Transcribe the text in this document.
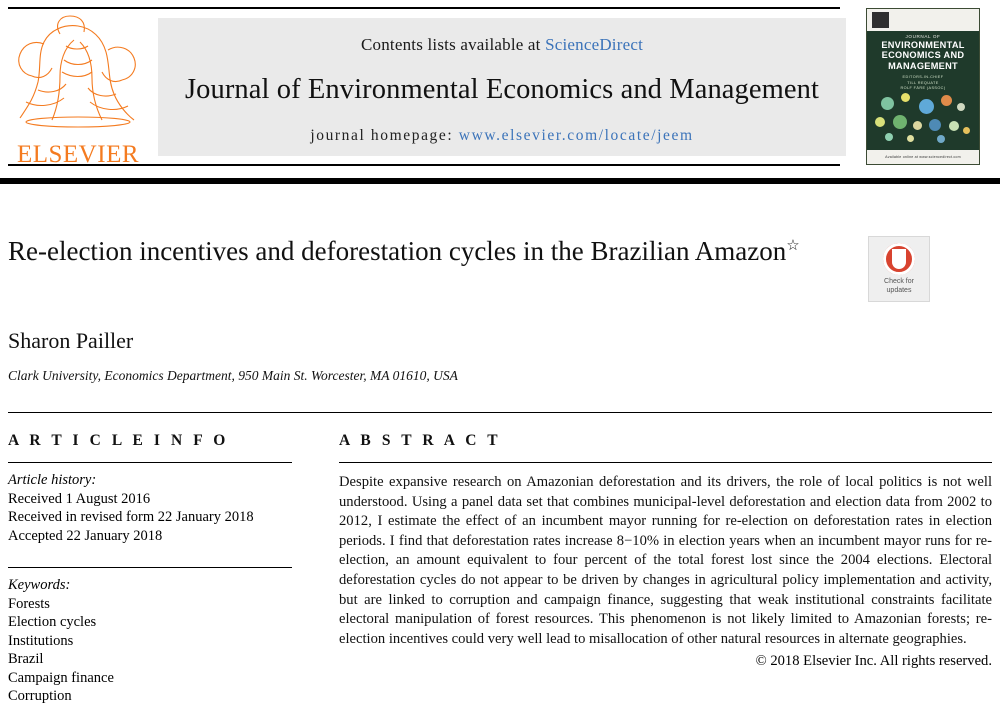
ELSEVIER
Contents lists available at ScienceDirect
Journal of Environmental Economics and Management
journal homepage: www.elsevier.com/locate/jeem
JOURNAL OF
ENVIRONMENTAL
ECONOMICS AND
MANAGEMENT
EDITORS-IN-CHIEF
TILL REQUATE
ROLF FÄRE (ASSOC)
Available online at www.sciencedirect.com
Re-election incentives and deforestation cycles in the Brazilian Amazon☆
Sharon Pailler
Clark University, Economics Department, 950 Main St. Worcester, MA 01610, USA
Check for
updates
A R T I C L E I N F O

Article history:

Received 1 August 2016

Received in revised form 22 January 2018

Accepted 22 January 2018

Keywords:

Forests

Election cycles

Institutions

Brazil

Campaign finance

Corruption

A B S T R A C T

Despite expansive research on Amazonian deforestation and its drivers, the role of local politics is not well understood. Using a panel data set that combines municipal-level deforestation and election data from 2002 to 2012, I estimate the effect of an incumbent mayor running for re-election on deforestation rates in election periods. I find that deforestation rates increase 8−10% in election years when an incumbent mayor runs for re-election, an amount equivalent to four percent of the total forest lost since the 2004 elections. Electoral deforestation cycles do not appear to be driven by changes in agricultural policy implementation and activity, but are linked to corruption and campaign finance, suggesting that weak institutional constraints facilitate electoral manipulation of forest resources. This phenomenon is not likely limited to Amazonian forests; re-election incentives could very well lead to misallocation of other natural resources in alternate geographies.

© 2018 Elsevier Inc. All rights reserved.
